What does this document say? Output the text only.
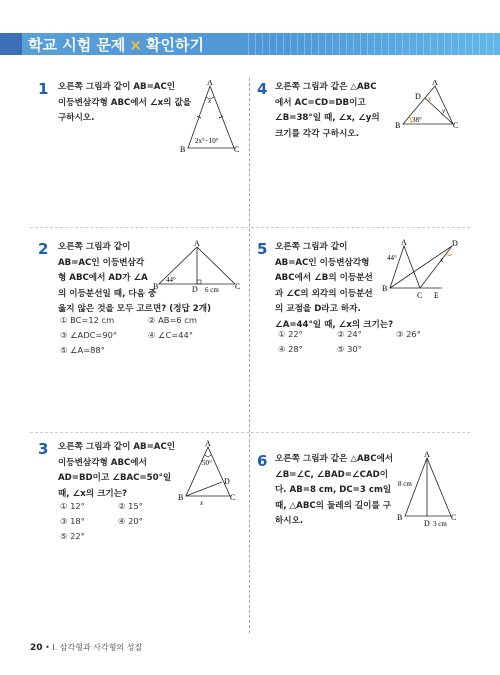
학교 시험 문제 × 확인하기
1 오른쪽 그림과 같이 AB=AC인
이등변삼각형 ABC에서 ∠x의 값을
구하시오.
A
x
B	C
2x°−10°
2 오른쪽 그림과 같이
AB=AC인 이등변삼각
형 ABC에서 AD가 ∠A
의 이등분선일 때, 다음 중
옳지 않은 것을 모두 고르면? (정답 2개)
① BC=12 cm	② AB=6 cm
③ ∠ADC=90°	④ ∠C=44°
⑤ ∠A=88°
A
B	C
D
44°
6 cm
3 오른쪽 그림과 같이 AB=AC인
이등변삼각형 ABC에서
AD=BD이고 ∠BAC=50°일
때, ∠x의 크기는?
① 12°	② 15°
③ 18°	④ 20°
⑤ 22°
A
50°
D
B	C
x
4 오른쪽 그림과 같은 △ABC
에서 AC=CD=DB이고
∠B=38°일 때, ∠x, ∠y의
크기를 각각 구하시오.
A
D x
y
B	C
38°
5 오른쪽 그림과 같이
AB=AC인 이등변삼각형
ABC에서 ∠B의 이등분선
과 ∠C의 외각의 이등분선
의 교점을 D라고 하자.
∠A=44°일 때, ∠x의 크기는?
① 22°	② 24°	③ 26°
④ 28°	⑤ 30°
A	D
44°	x
B
C E
6 오른쪽 그림과 같은 △ABC에서
∠B=∠C, ∠BAD=∠CAD이
다. AB=8 cm, DC=3 cm일
때, △ABC의 둘레의 길이를 구
하시오.
A
8 cm
B	C
D 3 cm
20 • Ⅰ. 삼각형과 사각형의 성질
